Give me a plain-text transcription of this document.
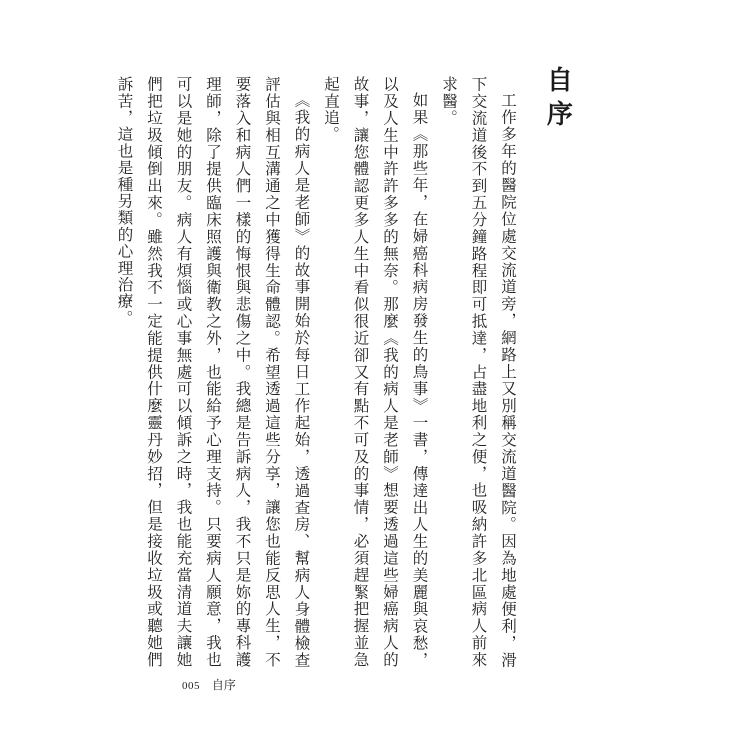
自序

工作多年的醫院位處交流道旁，網路上又別稱交流道醫院。因為地處便利，滑下交流道後不到五分鐘路程即可抵達，占盡地利之便，也吸納許多北區病人前來求醫。

如果《那些年，在婦癌科病房發生的鳥事》一書，傳達出人生的美麗與哀愁，以及人生中許許多多的無奈。那麼《我的病人是老師》想要透過這些婦癌病人的故事，讓您體認更多人生中看似很近卻又有點不可及的事情，必須趕緊把握並急起直追。

《我的病人是老師》的故事開始於每日工作起始，透過查房、幫病人身體檢查評估與相互溝通之中獲得生命體認。希望透過這些分享，讓您也能反思人生，不要落入和病人們一樣的悔恨與悲傷之中。我總是告訴病人，我不只是妳的專科護理師，除了提供臨床照護與衛教之外，也能給予心理支持。只要病人願意，我也可以是她的朋友。病人有煩惱或心事無處可以傾訴之時，我也能充當清道夫讓她們把垃圾傾倒出來。雖然我不一定能提供什麼靈丹妙招，但是接收垃圾或聽她們訴苦，這也是種另類的心理治療。

005 自序
